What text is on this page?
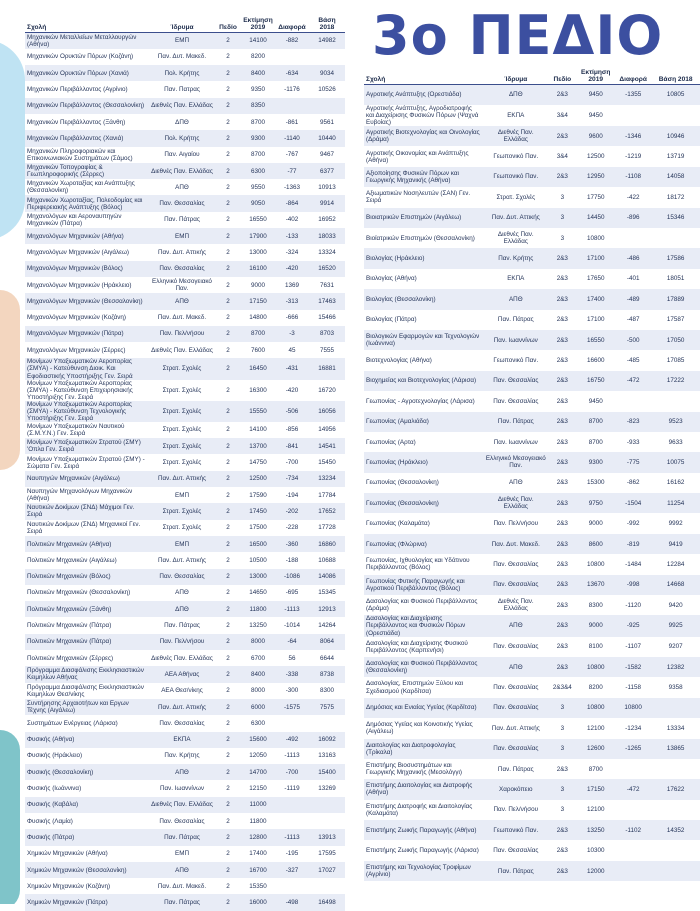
Σχολή	Ίδρυμα	Πεδίο	Εκτίμηση 2019	Διαφορά	Βάση 2018
Μηχανικών Μεταλλείων Μεταλλουργών (Αθήνα)	ΕΜΠ	2	14100	-882	14982
Μηχανικών Ορυκτών Πόρων (Κοζάνη)	Παν. Δυτ. Μακεδ.	2	8200		
Μηχανικών Ορυκτών Πόρων (Χανιά)	Πολ. Κρήτης	2	8400	-634	9034
Μηχανικών Περιβάλλοντος (Αγρίνιο)	Παν. Πατρας	2	9350	-1176	10526
Μηχανικών Περιβάλλοντος (Θεσσαλονίκη)	Διεθνές Παν. Ελλάδας	2	8350		
Μηχανικών Περιβάλλοντος (Ξάνθη)	ΔΠΘ	2	8700	-861	9561
Μηχανικών Περιβάλλοντος (Χανιά)	Πολ. Κρήτης	2	9300	-1140	10440
Μηχανικών Πληροφοριακών και Επικοινωνιακών Συστημάτων (Σάμος)	Παν. Αιγαίου	2	8700	-767	9467
Μηχανικών Τοπογραφίας & Γεωπληροφορικής (Σέρρες)	Διεθνές Παν. Ελλάδας	2	6300	-77	6377
Μηχανικών Χωροταξίας και Ανάπτυξης (Θεσσαλονίκη)	ΑΠΘ	2	9550	-1363	10913
Μηχανικών Χωροταξίας, Πολεοδομίας και Περιφερειακής Ανάπτυξης (Βόλος)	Παν. Θεσσαλίας	2	9050	-864	9914
Μηχανολόγων και Αεροναυπηγών Μηχανικών (Πάτρα)	Παν. Πάτρας	2	16550	-402	16952
Μηχανολόγων Μηχανικών (Αθήνα)	ΕΜΠ	2	17900	-133	18033
Μηχανολόγων Μηχανικών (Αιγάλεω)	Παν. Δυτ. Αττικής	2	13000	-324	13324
Μηχανολόγων Μηχανικών (Βόλος)	Παν. Θεσσαλίας	2	16100	-420	16520
Μηχανολόγων Μηχανικών (Ηράκλειο)	Ελληνικό Μεσογειακό Παν.	2	9000	1369	7631
Μηχανολόγων Μηχανικών (Θεσσαλονίκη)	ΑΠΘ	2	17150	-313	17463
Μηχανολόγων Μηχανικών (Κοζάνη)	Παν. Δυτ. Μακεδ.	2	14800	-666	15466
Μηχανολόγων Μηχανικών (Πάτρα)	Παν. Πελ/νήσου	2	8700	-3	8703
Μηχανολόγων Μηχανικών (Σέρρες)	Διεθνές Παν. Ελλάδας	2	7600	45	7555
Μονίμων Υπαξιωματικών Αεροπορίας (ΣΜΥΑ) - Κατεύθυνση Διοικ. Και Εφοδιαστικής Υποστήριξης Γεν. Σειρά	Στρατ. Σχολές	2	16450	-431	16881
Μονίμων Υπαξιωματικών Αεροπορίας (ΣΜΥΑ) - Κατεύθυνση Επιχειρησιακής Υποστήριξης Γεν. Σειρά	Στρατ. Σχολές	2	16300	-420	16720
Μονίμων Υπαξιωματικών Αεροπορίας (ΣΜΥΑ) - Κατεύθυνση Τεχνολογικής Υποστήριξης Γεν. Σειρά	Στρατ. Σχολές	2	15550	-506	16056
Μονίμων Υπαξιωματικών Ναυτικού (Σ.Μ.Υ.Ν.) Γεν. Σειρά	Στρατ. Σχολές	2	14100	-856	14956
Μονίμων Υπαξιωματικών Στρατού (ΣΜΥ) 'Οπλα Γεν. Σειρά	Στρατ. Σχολές	2	13700	-841	14541
Μονίμων Υπαξιωματικών Στρατού (ΣΜΥ) - Σώματα Γεν. Σειρά	Στρατ. Σχολές	2	14750	-700	15450
Ναυπηγών Μηχανικών (Αιγάλεω)	Παν. Δυτ. Αττικής	2	12500	-734	13234
Ναυπηγών Μηχανολόγων Μηχανικών (Αθήνα)	ΕΜΠ	2	17590	-194	17784
Ναυτικών Δοκίμων (ΣΝΔ) Μάχιμοι Γεν. Σειρά	Στρατ. Σχολές	2	17450	-202	17652
Ναυτικών Δοκίμων (ΣΝΔ) Μηχανικοί Γεν. Σειρά	Στρατ. Σχολές	2	17500	-228	17728
Πολιτικών Μηχανικών (Αθήνα)	ΕΜΠ	2	16500	-360	16860
Πολιτικών Μηχανικών (Αιγάλεω)	Παν. Δυτ. Αττικής	2	10500	-188	10688
Πολιτικών Μηχανικών (Βόλος)	Παν. Θεσσαλίας	2	13000	-1086	14086
Πολιτικών Μηχανικών (Θεσσαλονίκη)	ΑΠΘ	2	14650	-695	15345
Πολιτικών Μηχανικών (Ξάνθη)	ΔΠΘ	2	11800	-1113	12913
Πολιτικών Μηχανικών (Πάτρα)	Παν. Πάτρας	2	13250	-1014	14264
Πολιτικών Μηχανικών (Πάτρα)	Παν. Πελ/νήσου	2	8000	-64	8064
Πολιτικών Μηχανικών (Σέρρες)	Διεθνές Παν. Ελλάδας	2	6700	56	6644
Πρόγραμμα Διασφάλισης Εκκλησιαστικών Κειμηλίων Αθήνας	ΑΕΑ Αθήνας	2	8400	-338	8738
Πρόγραμμα Διασφάλισης Εκκλησιαστικών Κειμηλίων Θεσ/νίκης	ΑΕΑ Θεσ/νίκης	2	8000	-300	8300
Συντήρησης Αρχαιοτήτων και Εργων Τέχνης (Αιγάλεω)	Παν. Δυτ. Αττικής	2	6000	-1575	7575
Συστημάτων Ενέργειας (Λάρισα)	Παν. Θεσσαλίας	2	6300		
Φυσικής (Αθήνα)	ΕΚΠΑ	2	15600	-492	16092
Φυσικής (Ηράκλειο)	Παν. Κρήτης	2	12050	-1113	13163
Φυσικής (Θεσσαλονίκη)	ΑΠΘ	2	14700	-700	15400
Φυσικής (Ιωάννινα)	Παν. Ιωαννίνων	2	12150	-1119	13269
Φυσικής (Καβάλα)	Διεθνές Παν. Ελλάδας	2	11000		
Φυσικής (Λαμία)	Παν. Θεσσαλίας	2	11800		
Φυσικής (Πάτρα)	Παν. Πάτρας	2	12800	-1113	13913
Χημικών Μηχανικών (Αθήνα)	ΕΜΠ	2	17400	-195	17595
Χημικών Μηχανικών (Θεσσαλονίκη)	ΑΠΘ	2	16700	-327	17027
Χημικών Μηχανικών (Κοζάνη)	Παν. Δυτ. Μακεδ.	2	15350		
Χημικών Μηχανικών (Πάτρα)	Παν. Πάτρας	2	16000	-498	16498
3ο ΠΕΔΙΟ
Σχολή	Ίδρυμα	Πεδίο	Εκτίμηση 2019	Διαφορά	Βάση 2018
Αγροτικής Ανάπτυξης (Ορεστιάδα)	ΔΠΘ	2&3	9450	-1355	10805
Αγροτικής Ανάπτυξης, Αγροδιατροφής και Διαχείρισης Φυσικών Πόρων (Ψαχνά Ευβοίας)	ΕΚΠΑ	3&4	9450		
Αγροτικής Βιοτεχνολογίας και Οινολογίας (Δράμα)	Διεθνές Παν. Ελλάδας	2&3	9600	-1346	10946
Αγροτικής Οικονομίας και Ανάπτυξης (Αθήνα)	Γεωπονικό Παν.	3&4	12500	-1219	13719
Αξιοποίησης Φυσικών Πόρων και Γεωργικής Μηχανικής (Αθήνα)	Γεωπονικό Παν.	2&3	12950	-1108	14058
Αξιωματικών Νοσηλευτών (ΣΑΝ) Γεν. Σειρά	Στρατ. Σχολές	3	17750	-422	18172
Βιοιατρικών Επιστημών (Αιγάλεω)	Παν. Δυτ. Αττικής	3	14450	-896	15346
Βιοϊατρικών Επιστημών (Θεσσαλονίκη)	Διεθνές Παν. Ελλάδας	3	10800		
Βιολογίας (Ηράκλειο)	Παν. Κρήτης	2&3	17100	-486	17586
Βιολογίας (Αθήνα)	ΕΚΠΑ	2&3	17650	-401	18051
Βιολογίας (Θεσσαλονίκη)	ΑΠΘ	2&3	17400	-489	17889
Βιολογίας (Πάτρα)	Παν. Πάτρας	2&3	17100	-487	17587
Βιολογικών Εφαρμογών και Τεχνολογιών (Ιωάννινα)	Παν. Ιωαννίνων	2&3	16550	-500	17050
Βιοτεχνολογίας (Αθήνα)	Γεωπονικό Παν.	2&3	16600	-485	17085
Βιοχημείας και Βιοτεχνολογίας (Λάρισα)	Παν. Θεσσαλίας	2&3	16750	-472	17222
Γεωπονίας - Αγροτεχνολογίας (Λάρισα)	Παν. Θεσσαλίας	2&3	9450		
Γεωπονίας (Αμαλιάδα)	Παν. Πάτρας	2&3	8700	-823	9523
Γεωπονίας (Αρτα)	Παν. Ιωαννίνων	2&3	8700	-933	9633
Γεωπονίας (Ηράκλειο)	Ελληνικό Μεσογειακό Παν.	2&3	9300	-775	10075
Γεωπονίας (Θεσσαλονίκη)	ΑΠΘ	2&3	15300	-862	16162
Γεωπονίας (Θεσσαλονίκη)	Διεθνές Παν. Ελλάδας	2&3	9750	-1504	11254
Γεωπονίας (Καλαμάτα)	Παν. Πελ/νήσου	2&3	9000	-992	9992
Γεωπονίας (Φλώρινα)	Παν. Δυτ. Μακεδ.	2&3	8600	-819	9419
Γεωπονίας, Ιχθυολογίας και Υδάτινου Περιβάλλοντος (Βόλος)	Παν. Θεσσαλίας	2&3	10800	-1484	12284
Γεωπονίας Φυτικής Παραγωγής και Αγροτικού Περιβάλλοντος (Βόλος)	Παν. Θεσσαλίας	2&3	13670	-998	14668
Δασολογίας και Φυσικού Περιβάλλοντος (Δράμα)	Διεθνές Παν. Ελλάδας	2&3	8300	-1120	9420
Δασολογίας και Διαχείρισης Περιβάλλοντος και Φυσικών Πόρων (Ορεστιάδα)	ΑΠΘ	2&3	9000	-925	9925
Δασολογίας και Διαχείρισης Φυσικού Περιβάλλοντος (Καρπενήσι)	Παν. Θεσσαλίας	2&3	8100	-1107	9207
Δασολογίας και Φυσικού Περιβάλλοντος (Θεσσαλονίκη)	ΑΠΘ	2&3	10800	-1582	12382
Δασολογίας, Επιστημών Ξύλου και Σχεδιασμού (Καρδίτσα)	Παν. Θεσσαλίας	2&3&4	8200	-1158	9358
Δημόσιας και Ενιαίας Υγείας (Καρδίτσα)	Παν. Θεσσαλίας	3	10800	10800	
Δημόσιας Υγείας και Κοινοτικής Υγείας (Αιγάλεω)	Παν. Δυτ. Αττικής	3	12100	-1234	13334
Διαιτολογίας και Διατροφολογίας (Τρίκαλα)	Παν. Θεσσαλίας	3	12600	-1265	13865
Επιστήμης Βιοσυστημάτων και Γεωργικής Μηχανικής (Μεσολόγγι)	Παν. Πάτρας	2&3	8700		
Επιστήμης Διαιτολογίας και Διατροφής (Αθήνα)	Χαροκόπειο	3	17150	-472	17622
Επιστήμης Διατροφής και Διαιτολογίας (Καλαμάτα)	Παν. Πελ/νήσου	3	12100		
Επιστήμης Ζωικής Παραγωγής (Αθήνα)	Γεωπονικό Παν.	2&3	13250	-1102	14352
Επιστήμης Ζωικής Παραγωγής (Λάρισα)	Παν. Θεσσαλίας	2&3	10300		
Επιστήμης και Τεχνολογίας Τροφίμων (Αγρίνιο)	Παν. Πάτρας	2&3	12000		
